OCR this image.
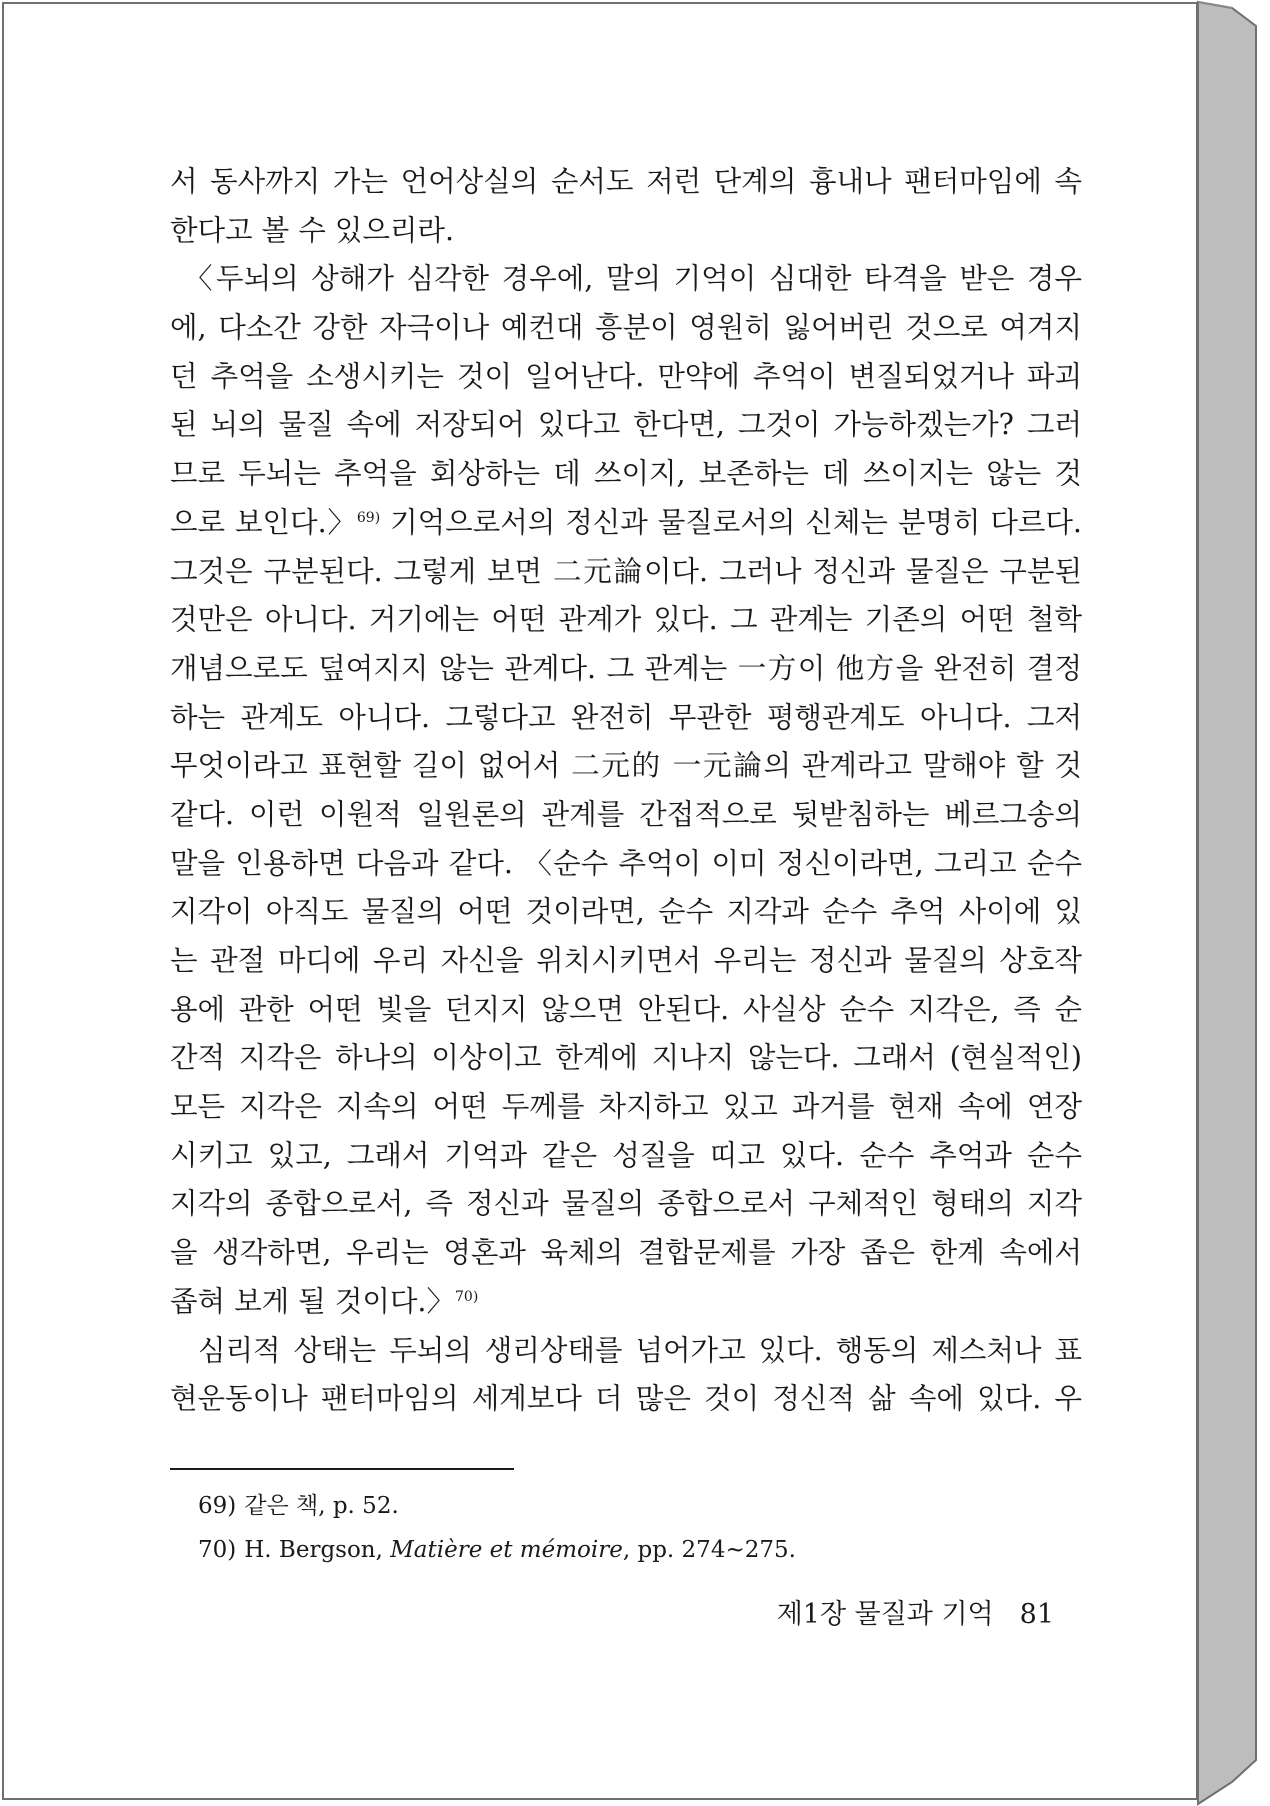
서 동사까지 가는 언어상실의 순서도 저런 단계의 흉내나 팬터마임에 속
한다고 볼 수 있으리라.
〈두뇌의 상해가 심각한 경우에, 말의 기억이 심대한 타격을 받은 경우
에, 다소간 강한 자극이나 예컨대 흥분이 영원히 잃어버린 것으로 여겨지
던 추억을 소생시키는 것이 일어난다. 만약에 추억이 변질되었거나 파괴
된 뇌의 물질 속에 저장되어 있다고 한다면, 그것이 가능하겠는가? 그러
므로 두뇌는 추억을 회상하는 데 쓰이지, 보존하는 데 쓰이지는 않는 것
으로 보인다.〉$^{69)}$ 기억으로서의 정신과 물질로서의 신체는 분명히 다르다.
그것은 구분된다. 그렇게 보면 二元論이다. 그러나 정신과 물질은 구분된
것만은 아니다. 거기에는 어떤 관계가 있다. 그 관계는 기존의 어떤 철학
개념으로도 덮여지지 않는 관계다. 그 관계는 一方이 他方을 완전히 결정
하는 관계도 아니다. 그렇다고 완전히 무관한 평행관계도 아니다. 그저
무엇이라고 표현할 길이 없어서 二元的 一元論의 관계라고 말해야 할 것
같다. 이런 이원적 일원론의 관계를 간접적으로 뒷받침하는 베르그송의
말을 인용하면 다음과 같다. 〈순수 추억이 이미 정신이라면, 그리고 순수
지각이 아직도 물질의 어떤 것이라면, 순수 지각과 순수 추억 사이에 있
는 관절 마디에 우리 자신을 위치시키면서 우리는 정신과 물질의 상호작
용에 관한 어떤 빛을 던지지 않으면 안된다. 사실상 순수 지각은, 즉 순
간적 지각은 하나의 이상이고 한계에 지나지 않는다. 그래서 (현실적인)
모든 지각은 지속의 어떤 두께를 차지하고 있고 과거를 현재 속에 연장
시키고 있고, 그래서 기억과 같은 성질을 띠고 있다. 순수 추억과 순수
지각의 종합으로서, 즉 정신과 물질의 종합으로서 구체적인 형태의 지각
을 생각하면, 우리는 영혼과 육체의 결합문제를 가장 좁은 한계 속에서
좁혀 보게 될 것이다.〉$^{70)}$
심리적 상태는 두뇌의 생리상태를 넘어가고 있다. 행동의 제스처나 표
현운동이나 팬터마임의 세계보다 더 많은 것이 정신적 삶 속에 있다. 우
69) 같은 책, p. 52.
70) H. Bergson, Matière et mémoire, pp. 274~275.
제1장 물질과 기억 81
